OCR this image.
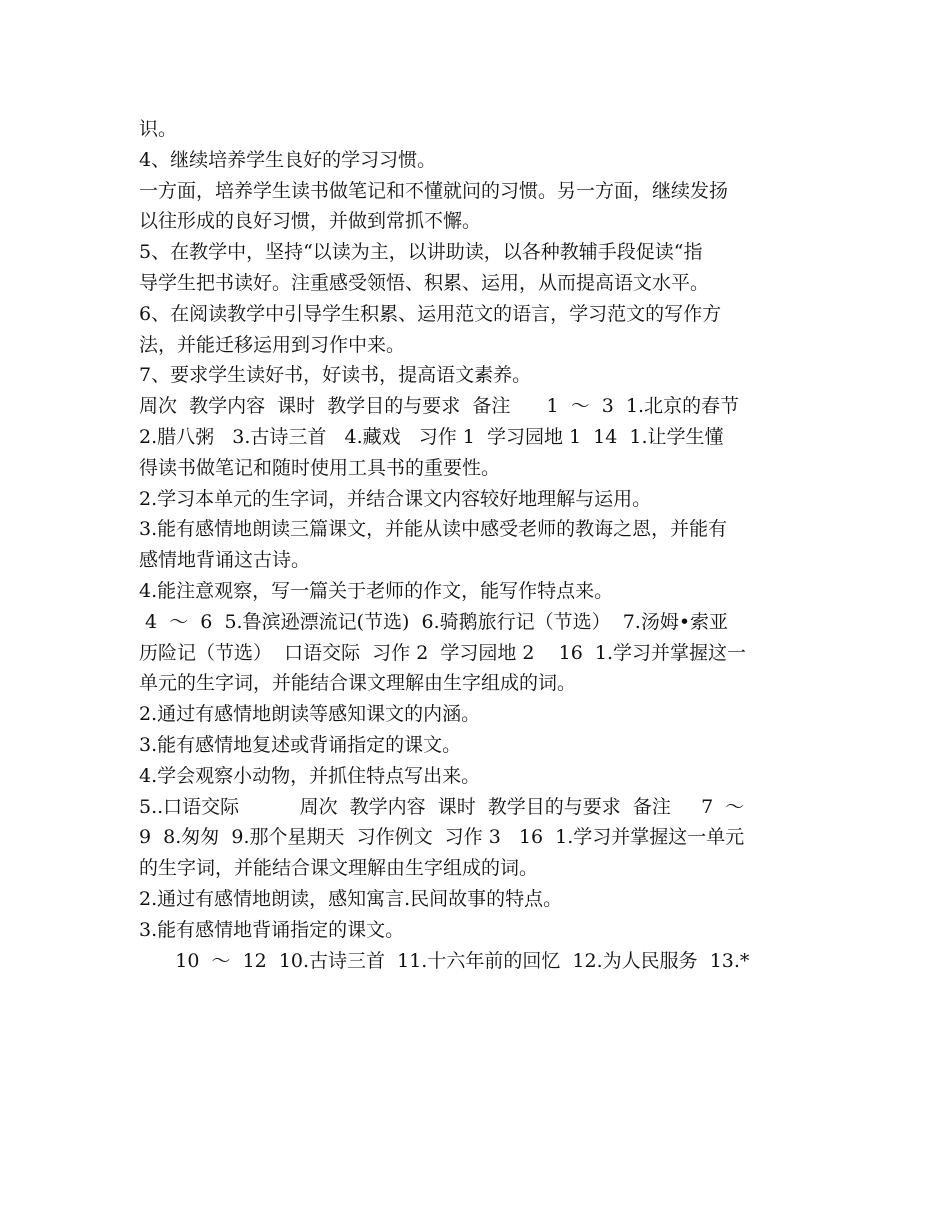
识。
4、继续培养学生良好的学习习惯。
一方面，培养学生读书做笔记和不懂就问的习惯。另一方面，继续发扬
以往形成的良好习惯，并做到常抓不懈。
5、在教学中，坚持“以读为主，以讲助读，以各种教辅手段促读“指
导学生把书读好。注重感受领悟、积累、运用，从而提高语文水平。
6、在阅读教学中引导学生积累、运用范文的语言，学习范文的写作方
法，并能迁移运用到习作中来。
7、要求学生读好书，好读书，提高语文素养。
周次  教学内容  课时  教学目的与要求  备注      1  ～  3  1.北京的春节
2.腊八粥   3.古诗三首   4.藏戏   习作 1  学习园地 1  14  1.让学生懂
得读书做笔记和随时使用工具书的重要性。
2.学习本单元的生字词，并结合课文内容较好地理解与运用。
3.能有感情地朗读三篇课文，并能从读中感受老师的教诲之恩，并能有
感情地背诵这古诗。
4.能注意观察，写一篇关于老师的作文，能写作特点来。
4  ～  6  5.鲁滨逊漂流记(节选)  6.骑鹅旅行记（节选）  7.汤姆•索亚
历险记（节选）  口语交际  习作 2  学习园地 2    16  1.学习并掌握这一
单元的生字词，并能结合课文理解由生字组成的词。
2.通过有感情地朗读等感知课文的内涵。
3.能有感情地复述或背诵指定的课文。
4.学会观察小动物，并抓住特点写出来。
5..口语交际          周次  教学内容  课时  教学目的与要求  备注     7  ～
9  8.匆匆  9.那个星期天  习作例文  习作 3   16  1.学习并掌握这一单元
的生字词，并能结合课文理解由生字组成的词。
2.通过有感情地朗读，感知寓言.民间故事的特点。
3.能有感情地背诵指定的课文。
10  ～  12  10.古诗三首  11.十六年前的回忆  12.为人民服务  13.*
